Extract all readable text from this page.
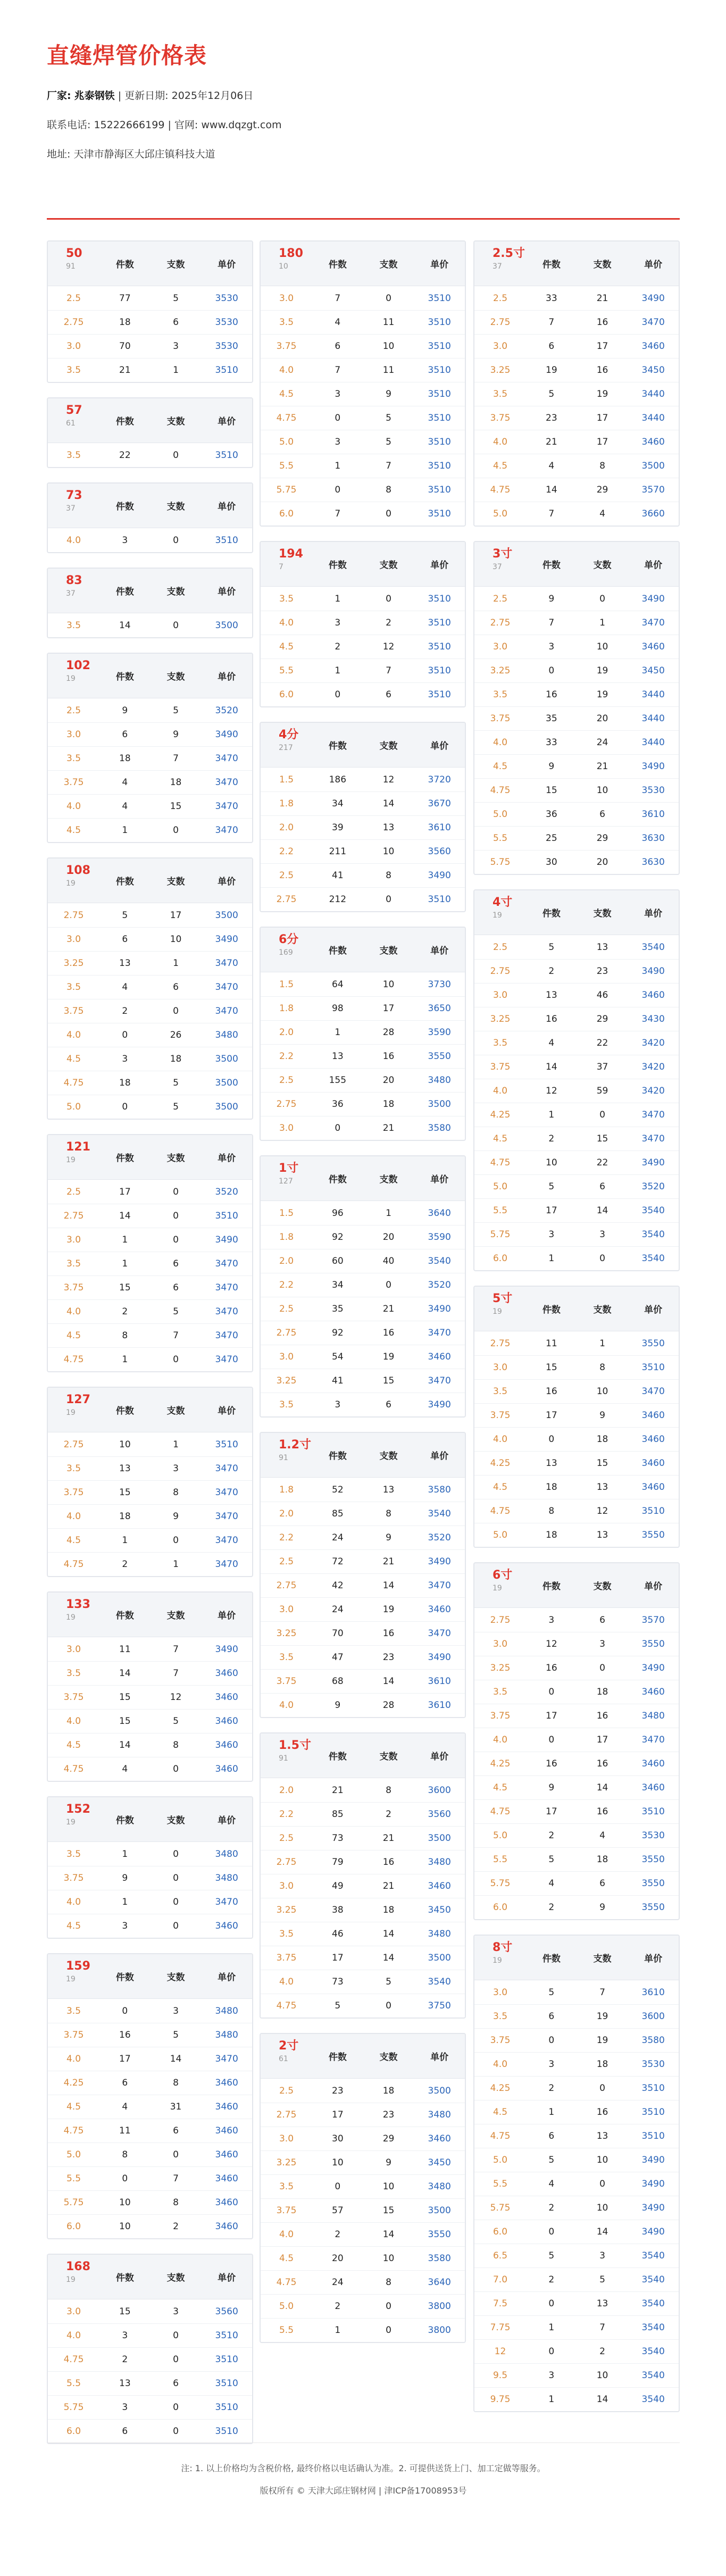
直缝焊管价格表
厂家: 兆泰钢铁 | 更新日期: 2025年12月06日
联系电话: 15222666199 | 官网: www.dqzgt.com
地址: 天津市静海区大邱庄镇科技大道
50
91	件数	支数	单价
2.5	77	5	3530
2.75	18	6	3530
3.0	70	3	3530
3.5	21	1	3510
57
61	件数	支数	单价
3.5	22	0	3510
73
37	件数	支数	单价
4.0	3	0	3510
83
37	件数	支数	单价
3.5	14	0	3500
102
19	件数	支数	单价
2.5	9	5	3520
3.0	6	9	3490
3.5	18	7	3470
3.75	4	18	3470
4.0	4	15	3470
4.5	1	0	3470
108
19	件数	支数	单价
2.75	5	17	3500
3.0	6	10	3490
3.25	13	1	3470
3.5	4	6	3470
3.75	2	0	3470
4.0	0	26	3480
4.5	3	18	3500
4.75	18	5	3500
5.0	0	5	3500
121
19	件数	支数	单价
2.5	17	0	3520
2.75	14	0	3510
3.0	1	0	3490
3.5	1	6	3470
3.75	15	6	3470
4.0	2	5	3470
4.5	8	7	3470
4.75	1	0	3470
127
19	件数	支数	单价
2.75	10	1	3510
3.5	13	3	3470
3.75	15	8	3470
4.0	18	9	3470
4.5	1	0	3470
4.75	2	1	3470
133
19	件数	支数	单价
3.0	11	7	3490
3.5	14	7	3460
3.75	15	12	3460
4.0	15	5	3460
4.5	14	8	3460
4.75	4	0	3460
152
19	件数	支数	单价
3.5	1	0	3480
3.75	9	0	3480
4.0	1	0	3470
4.5	3	0	3460
159
19	件数	支数	单价
3.5	0	3	3480
3.75	16	5	3480
4.0	17	14	3470
4.25	6	8	3460
4.5	4	31	3460
4.75	11	6	3460
5.0	8	0	3460
5.5	0	7	3460
5.75	10	8	3460
6.0	10	2	3460
168
19	件数	支数	单价
3.0	15	3	3560
4.0	3	0	3510
4.75	2	0	3510
5.5	13	6	3510
5.75	3	0	3510
6.0	6	0	3510
180
10	件数	支数	单价
3.0	7	0	3510
3.5	4	11	3510
3.75	6	10	3510
4.0	7	11	3510
4.5	3	9	3510
4.75	0	5	3510
5.0	3	5	3510
5.5	1	7	3510
5.75	0	8	3510
6.0	7	0	3510
194
7	件数	支数	单价
3.5	1	0	3510
4.0	3	2	3510
4.5	2	12	3510
5.5	1	7	3510
6.0	0	6	3510
4分
217	件数	支数	单价
1.5	186	12	3720
1.8	34	14	3670
2.0	39	13	3610
2.2	211	10	3560
2.5	41	8	3490
2.75	212	0	3510
6分
169	件数	支数	单价
1.5	64	10	3730
1.8	98	17	3650
2.0	1	28	3590
2.2	13	16	3550
2.5	155	20	3480
2.75	36	18	3500
3.0	0	21	3580
1寸
127	件数	支数	单价
1.5	96	1	3640
1.8	92	20	3590
2.0	60	40	3540
2.2	34	0	3520
2.5	35	21	3490
2.75	92	16	3470
3.0	54	19	3460
3.25	41	15	3470
3.5	3	6	3490
1.2寸
91	件数	支数	单价
1.8	52	13	3580
2.0	85	8	3540
2.2	24	9	3520
2.5	72	21	3490
2.75	42	14	3470
3.0	24	19	3460
3.25	70	16	3470
3.5	47	23	3490
3.75	68	14	3610
4.0	9	28	3610
1.5寸
91	件数	支数	单价
2.0	21	8	3600
2.2	85	2	3560
2.5	73	21	3500
2.75	79	16	3480
3.0	49	21	3460
3.25	38	18	3450
3.5	46	14	3480
3.75	17	14	3500
4.0	73	5	3540
4.75	5	0	3750
2寸
61	件数	支数	单价
2.5	23	18	3500
2.75	17	23	3480
3.0	30	29	3460
3.25	10	9	3450
3.5	0	10	3480
3.75	57	15	3500
4.0	2	14	3550
4.5	20	10	3580
4.75	24	8	3640
5.0	2	0	3800
5.5	1	0	3800
2.5寸
37	件数	支数	单价
2.5	33	21	3490
2.75	7	16	3470
3.0	6	17	3460
3.25	19	16	3450
3.5	5	19	3440
3.75	23	17	3440
4.0	21	17	3460
4.5	4	8	3500
4.75	14	29	3570
5.0	7	4	3660
3寸
37	件数	支数	单价
2.5	9	0	3490
2.75	7	1	3470
3.0	3	10	3460
3.25	0	19	3450
3.5	16	19	3440
3.75	35	20	3440
4.0	33	24	3440
4.5	9	21	3490
4.75	15	10	3530
5.0	36	6	3610
5.5	25	29	3630
5.75	30	20	3630
4寸
19	件数	支数	单价
2.5	5	13	3540
2.75	2	23	3490
3.0	13	46	3460
3.25	16	29	3430
3.5	4	22	3420
3.75	14	37	3420
4.0	12	59	3420
4.25	1	0	3470
4.5	2	15	3470
4.75	10	22	3490
5.0	5	6	3520
5.5	17	14	3540
5.75	3	3	3540
6.0	1	0	3540
5寸
19	件数	支数	单价
2.75	11	1	3550
3.0	15	8	3510
3.5	16	10	3470
3.75	17	9	3460
4.0	0	18	3460
4.25	13	15	3460
4.5	18	13	3460
4.75	8	12	3510
5.0	18	13	3550
6寸
19	件数	支数	单价
2.75	3	6	3570
3.0	12	3	3550
3.25	16	0	3490
3.5	0	18	3460
3.75	17	16	3480
4.0	0	17	3470
4.25	16	16	3460
4.5	9	14	3460
4.75	17	16	3510
5.0	2	4	3530
5.5	5	18	3550
5.75	4	6	3550
6.0	2	9	3550
8寸
19	件数	支数	单价
3.0	5	7	3610
3.5	6	19	3600
3.75	0	19	3580
4.0	3	18	3530
4.25	2	0	3510
4.5	1	16	3510
4.75	6	13	3510
5.0	5	10	3490
5.5	4	0	3490
5.75	2	10	3490
6.0	0	14	3490
6.5	5	3	3540
7.0	2	5	3540
7.5	0	13	3540
7.75	1	7	3540
12	0	2	3540
9.5	3	10	3540
9.75	1	14	3540
注: 1. 以上价格均为含税价格, 最终价格以电话确认为准。2. 可提供送货上门、加工定做等服务。
版权所有 © 天津大邱庄钢材网 | 津ICP备17008953号
